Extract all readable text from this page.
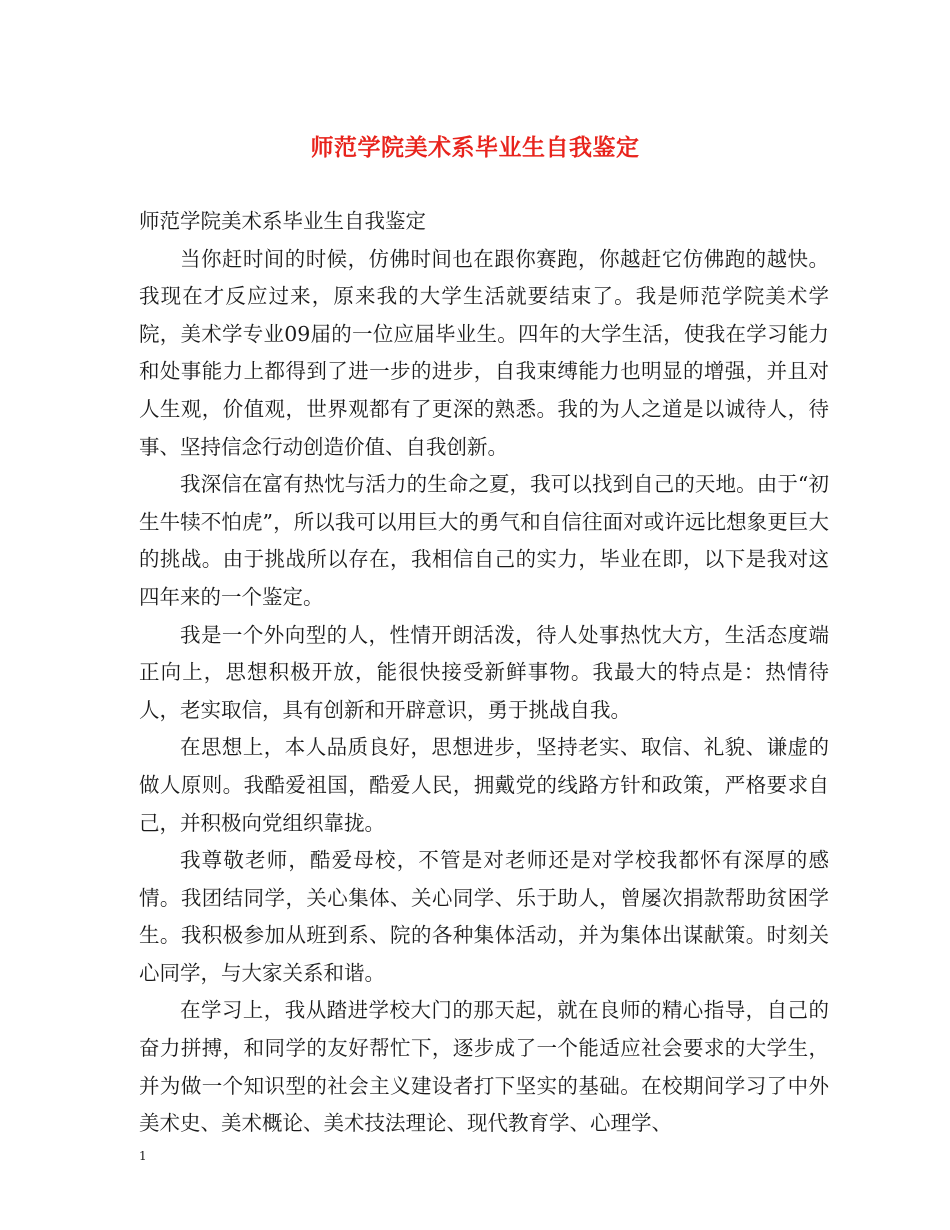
师范学院美术系毕业生自我鉴定

师范学院美术系毕业生自我鉴定

当你赶时间的时候，仿佛时间也在跟你赛跑，你越赶它仿佛跑的越快。我现在才反应过来，原来我的大学生活就要结束了。我是师范学院美术学院，美术学专业09届的一位应届毕业生。四年的大学生活，使我在学习能力和处事能力上都得到了进一步的进步，自我束缚能力也明显的增强，并且对人生观，价值观，世界观都有了更深的熟悉。我的为人之道是以诚待人，待事、坚持信念行动创造价值、自我创新。

我深信在富有热忱与活力的生命之夏，我可以找到自己的天地。由于“初生牛犊不怕虎”，所以我可以用巨大的勇气和自信往面对或许远比想象更巨大的挑战。由于挑战所以存在，我相信自己的实力，毕业在即，以下是我对这四年来的一个鉴定。

我是一个外向型的人，性情开朗活泼，待人处事热忱大方，生活态度端正向上，思想积极开放，能很快接受新鲜事物。我最大的特点是：热情待人，老实取信，具有创新和开辟意识，勇于挑战自我。

在思想上，本人品质良好，思想进步，坚持老实、取信、礼貌、谦虚的做人原则。我酷爱祖国，酷爱人民，拥戴党的线路方针和政策，严格要求自己，并积极向党组织靠拢。

我尊敬老师，酷爱母校，不管是对老师还是对学校我都怀有深厚的感情。我团结同学，关心集体、关心同学、乐于助人，曾屡次捐款帮助贫困学生。我积极参加从班到系、院的各种集体活动，并为集体出谋献策。时刻关心同学，与大家关系和谐。

在学习上，我从踏进学校大门的那天起，就在良师的精心指导，自己的奋力拼搏，和同学的友好帮忙下，逐步成了一个能适应社会要求的大学生，并为做一个知识型的社会主义建设者打下坚实的基础。在校期间学习了中外美术史、美术概论、美术技法理论、现代教育学、心理学、

1
